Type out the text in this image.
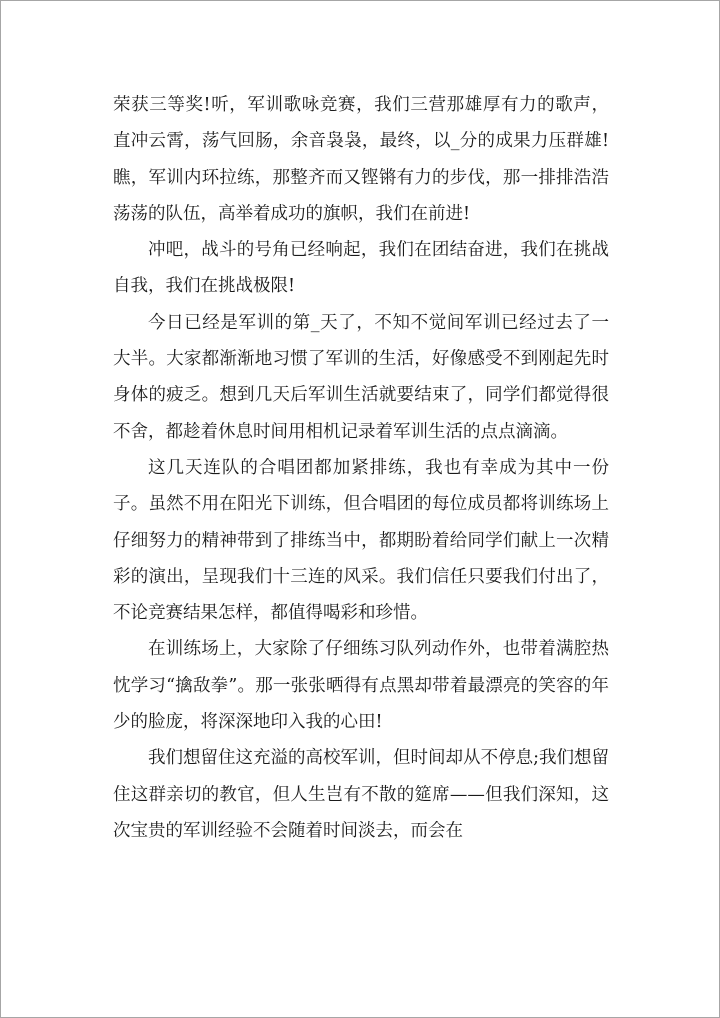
荣获三等奖!听，军训歌咏竞赛，我们三营那雄厚有力的歌声，直冲云霄，荡气回肠，余音袅袅，最终，以_分的成果力压群雄!瞧，军训内环拉练，那整齐而又铿锵有力的步伐，那一排排浩浩荡荡的队伍，高举着成功的旗帜，我们在前进!

冲吧，战斗的号角已经响起，我们在团结奋进，我们在挑战自我，我们在挑战极限!

今日已经是军训的第_天了，不知不觉间军训已经过去了一大半。大家都渐渐地习惯了军训的生活，好像感受不到刚起先时身体的疲乏。想到几天后军训生活就要结束了，同学们都觉得很不舍，都趁着休息时间用相机记录着军训生活的点点滴滴。

这几天连队的合唱团都加紧排练，我也有幸成为其中一份子。虽然不用在阳光下训练，但合唱团的每位成员都将训练场上仔细努力的精神带到了排练当中，都期盼着给同学们献上一次精彩的演出，呈现我们十三连的风采。我们信任只要我们付出了，不论竞赛结果怎样，都值得喝彩和珍惜。

在训练场上，大家除了仔细练习队列动作外，也带着满腔热忱学习“擒敌拳”。那一张张晒得有点黑却带着最漂亮的笑容的年少的脸庞，将深深地印入我的心田!

我们想留住这充溢的高校军训，但时间却从不停息;我们想留住这群亲切的教官，但人生岂有不散的筵席——但我们深知，这次宝贵的军训经验不会随着时间淡去，而会在
